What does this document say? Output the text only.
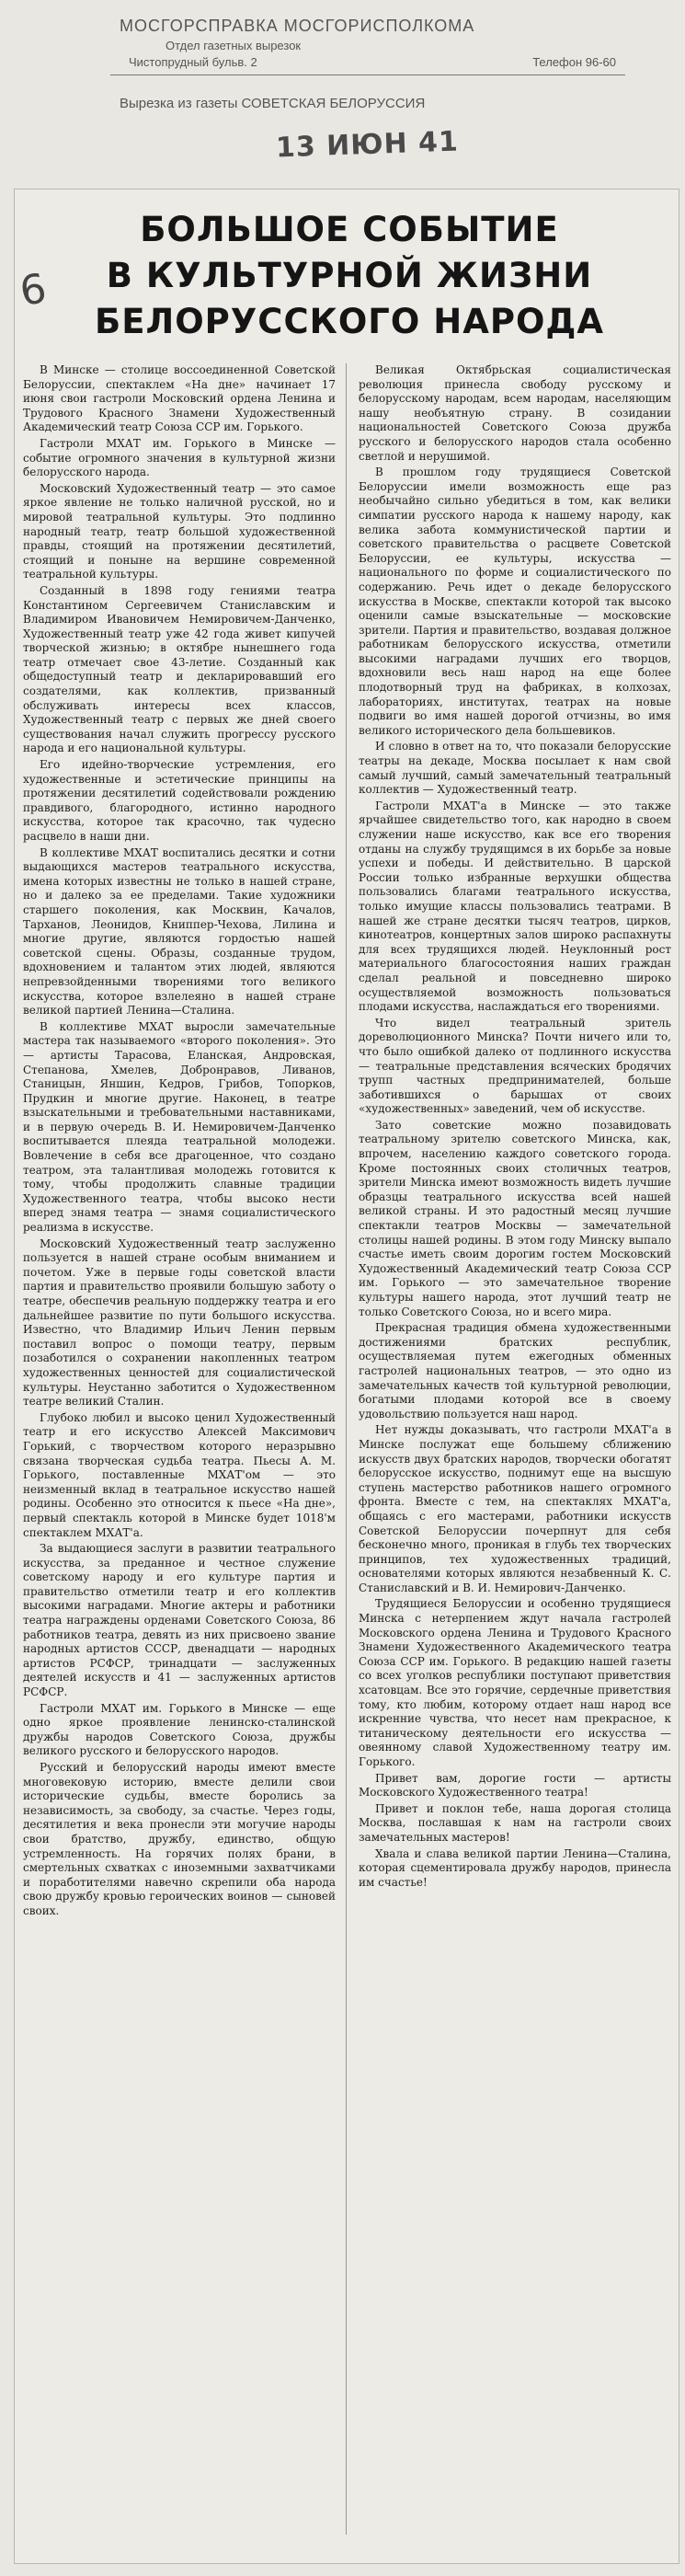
МОСГОРСПРАВКА МОСГОРИСПОЛКОМА
Отдел газетных вырезок
Чистопрудный бульв. 2	Телефон 96-60
Вырезка из газеты СОВЕТСКАЯ БЕЛОРУССИЯ
13 ИЮН 41
6
БОЛЬШОЕ СОБЫТИЕ
В КУЛЬТУРНОЙ ЖИЗНИ
БЕЛОРУССКОГО НАРОДА

В Минске — столице воссоединенной Советской Белоруссии, спектаклем «На дне» начинает 17 июня свои гастроли Московский ордена Ленина и Трудового Красного Знамени Художественный Академический театр Союза ССР им. Горького.

Гастроли МХАТ им. Горького в Минске — событие огромного значения в культурной жизни белорусского народа.

Московский Художественный театр — это самое яркое явление не только наличной русской, но и мировой театральной культуры. Это подлинно народный театр, театр большой художественной правды, стоящий на протяжении десятилетий, стоящий и поныне на вершине современной театральной культуры.

Созданный в 1898 году гениями театра Константином Сергеевичем Станиславским и Владимиром Ивановичем Немировичем-Данченко, Художественный театр уже 42 года живет кипучей творческой жизнью; в октябре нынешнего года театр отмечает свое 43-летие. Созданный как общедоступный театр и декларировавший его создателями, как коллектив, призванный обслуживать интересы всех классов, Художественный театр с первых же дней своего существования начал служить прогрессу русского народа и его национальной культуры.

Его идейно-творческие устремления, его художественные и эстетические принципы на протяжении десятилетий содействовали рождению правдивого, благородного, истинно народного искусства, которое так красочно, так чудесно расцвело в наши дни.

В коллективе МХАТ воспитались десятки и сотни выдающихся мастеров театрального искусства, имена которых известны не только в нашей стране, но и далеко за ее пределами. Такие художники старшего поколения, как Москвин, Качалов, Тарханов, Леонидов, Книппер-Чехова, Лилина и многие другие, являются гордостью нашей советской сцены. Образы, созданные трудом, вдохновением и талантом этих людей, являются непревзойденными творениями того великого искусства, которое взлелеяно в нашей стране великой партией Ленина—Сталина.

В коллективе МХАТ выросли замечательные мастера так называемого «второго поколения». Это — артисты Тарасова, Еланская, Андровская, Степанова, Хмелев, Добронравов, Ливанов, Станицын, Яншин, Кедров, Грибов, Топорков, Прудкин и многие другие. Наконец, в театре взыскательными и требовательными наставниками, и в первую очередь В. И. Немировичем-Данченко воспитывается плеяда театральной молодежи. Вовлечение в себя все драгоценное, что создано театром, эта талантливая молодежь готовится к тому, чтобы продолжить славные традиции Художественного театра, чтобы высоко нести вперед знамя театра — знамя социалистического реализма в искусстве.

Московский Художественный театр заслуженно пользуется в нашей стране особым вниманием и почетом. Уже в первые годы советской власти партия и правительство проявили большую заботу о театре, обеспечив реальную поддержку театра и его дальнейшее развитие по пути большого искусства. Известно, что Владимир Ильич Ленин первым поставил вопрос о помощи театру, первым позаботился о сохранении накопленных театром художественных ценностей для социалистической культуры. Неустанно заботится о Художественном театре великий Сталин.

Глубоко любил и высоко ценил Художественный театр и его искусство Алексей Максимович Горький, с творчеством которого неразрывно связана творческая судьба театра. Пьесы А. М. Горького, поставленные МХАТ'ом — это неизменный вклад в театральное искусство нашей родины. Особенно это относится к пьесе «На дне», первый спектакль которой в Минске будет 1018'м спектаклем МХАТ'а.

За выдающиеся заслуги в развитии театрального искусства, за преданное и честное служение советскому народу и его культуре партия и правительство отметили театр и его коллектив высокими наградами. Многие актеры и работники театра награждены орденами Советского Союза, 86 работников театра, девять из них присвоено звание народных артистов СССР, двенадцати — народных артистов РСФСР, тринадцати — заслуженных деятелей искусств и 41 — заслуженных артистов РСФСР.

Гастроли МХАТ им. Горького в Минске — еще одно яркое проявление ленинско-сталинской дружбы народов Советского Союза, дружбы великого русского и белорусского народов.

Русский и белорусский народы имеют вместе многовековую историю, вместе делили свои исторические судьбы, вместе боролись за независимость, за свободу, за счастье. Через годы, десятилетия и века пронесли эти могучие народы свои братство, дружбу, единство, общую устремленность. На горячих полях брани, в смертельных схватках с иноземными захватчиками и поработителями навечно скрепили оба народа свою дружбу кровью героических воинов — сыновей своих.

Великая Октябрьская социалистическая революция принесла свободу русскому и белорусскому народам, всем народам, населяющим нашу необъятную страну. В созидании национальностей Советского Союза дружба русского и белорусского народов стала особенно светлой и нерушимой.

В прошлом году трудящиеся Советской Белоруссии имели возможность еще раз необычайно сильно убедиться в том, как велики симпатии русского народа к нашему народу, как велика забота коммунистической партии и советского правительства о расцвете Советской Белоруссии, ее культуры, искусства — национального по форме и социалистического по содержанию. Речь идет о декаде белорусского искусства в Москве, спектакли которой так высоко оценили самые взыскательные — московские зрители. Партия и правительство, воздавая должное работникам белорусского искусства, отметили высокими наградами лучших его творцов, вдохновили весь наш народ на еще более плодотворный труд на фабриках, в колхозах, лабораториях, институтах, театрах на новые подвиги во имя нашей дорогой отчизны, во имя великого исторического дела большевиков.

И словно в ответ на то, что показали белорусские театры на декаде, Москва посылает к нам свой самый лучший, самый замечательный театральный коллектив — Художественный театр.

Гастроли МХАТ'а в Минске — это также ярчайшее свидетельство того, как народно в своем служении наше искусство, как все его творения отданы на службу трудящимся в их борьбе за новые успехи и победы. И действительно. В царской России только избранные верхушки общества пользовались благами театрального искусства, только имущие классы пользовались театрами. В нашей же стране десятки тысяч театров, цирков, кинотеатров, концертных залов широко распахнуты для всех трудящихся людей. Неуклонный рост материального благосостояния наших граждан сделал реальной и повседневно широко осуществляемой возможность пользоваться плодами искусства, наслаждаться его творениями.

Что видел театральный зритель дореволюционного Минска? Почти ничего или то, что было ошибкой далеко от подлинного искусства — театральные представления всяческих бродячих трупп частных предпринимателей, больше заботившихся о барышах от своих «художественных» заведений, чем об искусстве.

Зато советские можно позавидовать театральному зрителю советского Минска, как, впрочем, населению каждого советского города. Кроме постоянных своих столичных театров, зрители Минска имеют возможность видеть лучшие образцы театрального искусства всей нашей великой страны. И это радостный месяц лучшие спектакли театров Москвы — замечательной столицы нашей родины. В этом году Минску выпало счастье иметь своим дорогим гостем Московский Художественный Академический театр Союза ССР им. Горького — это замечательное творение культуры нашего народа, этот лучший театр не только Советского Союза, но и всего мира.

Прекрасная традиция обмена художественными достижениями братских республик, осуществляемая путем ежегодных обменных гастролей национальных театров, — это одно из замечательных качеств той культурной революции, богатыми плодами которой все в своему удовольствию пользуется наш народ.

Нет нужды доказывать, что гастроли МХАТ'а в Минске послужат еще большему сближению искусств двух братских народов, творчески обогатят белорусское искусство, поднимут еще на высшую ступень мастерство работников нашего огромного фронта. Вместе с тем, на спектаклях МХАТ'а, общаясь с его мастерами, работники искусств Советской Белоруссии почерпнут для себя бесконечно много, проникая в глубь тех творческих принципов, тех художественных традиций, основателями которых являются незабвенный К. С. Станиславский и В. И. Немирович-Данченко.

Трудящиеся Белоруссии и особенно трудящиеся Минска с нетерпением ждут начала гастролей Московского ордена Ленина и Трудового Красного Знамени Художественного Академического театра Союза ССР им. Горького. В редакцию нашей газеты со всех уголков республики поступают приветствия хсатовцам. Все это горячие, сердечные приветствия тому, кто любим, которому отдает наш народ все искренние чувства, что несет нам прекрасное, к титаническому деятельности его искусства — овеянному славой Художественному театру им. Горького.

Привет вам, дорогие гости — артисты Московского Художественного театра!

Привет и поклон тебе, наша дорогая столица Москва, пославшая к нам на гастроли своих замечательных мастеров!

Хвала и слава великой партии Ленина—Сталина, которая сцементировала дружбу народов, принесла им счастье!
